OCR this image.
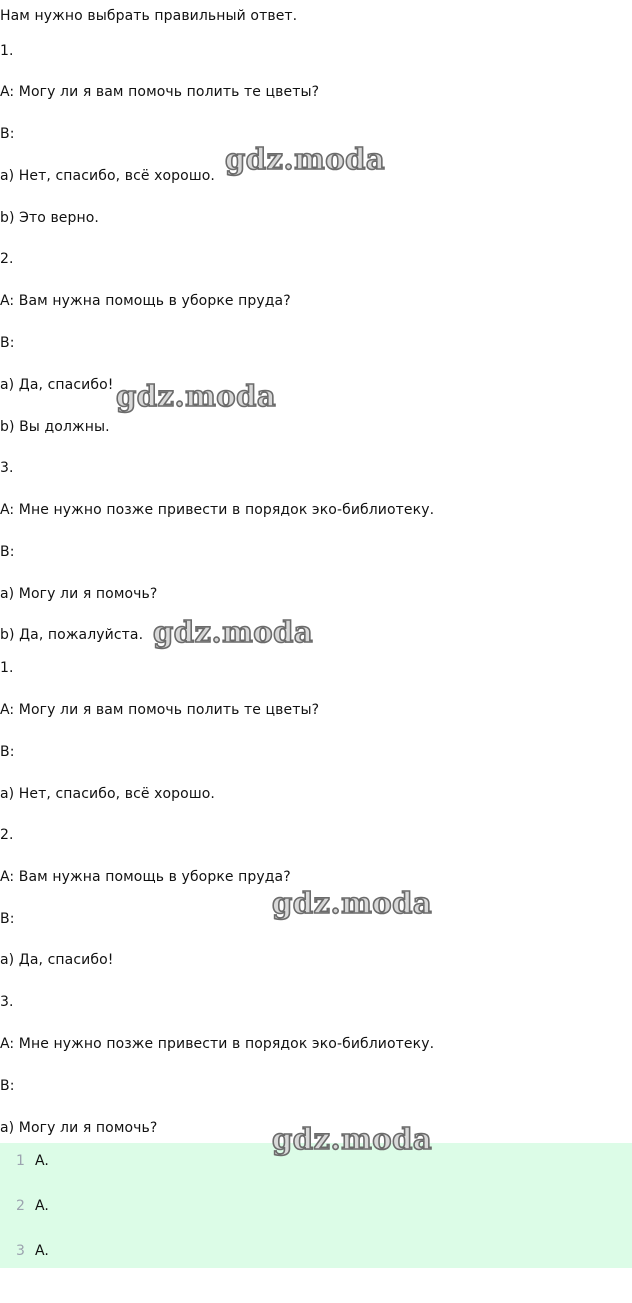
Нам нужно выбрать правильный ответ.
1.
A: Могу ли я вам помочь полить те цветы?
B:
a) Нет, спасибо, всё хорошо.
b) Это верно.
2.
A: Вам нужна помощь в уборке пруда?
B:
a) Да, спасибо!
b) Вы должны.
3.
A: Мне нужно позже привести в порядок эко-библиотеку.
B:
a) Могу ли я помочь?
b) Да, пожалуйста.
1.
A: Могу ли я вам помочь полить те цветы?
B:
a) Нет, спасибо, всё хорошо.
2.
A: Вам нужна помощь в уборке пруда?
B:
a) Да, спасибо!
3.
A: Мне нужно позже привести в порядок эко-библиотеку.
B:
a) Могу ли я помочь?
1 A.
2 A.
3 A.
gdz.moda
gdz.moda
gdz.moda
gdz.moda
gdz.moda
